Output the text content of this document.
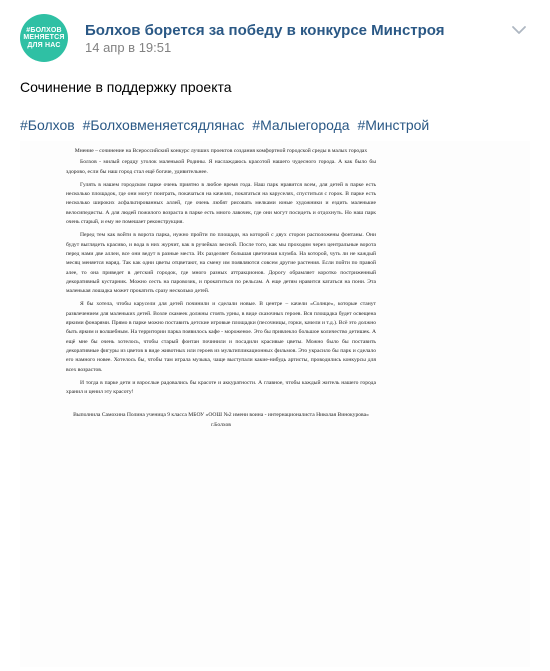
#БОЛХОВ
МЕНЯЕТСЯ
ДЛЯ НАС
Болхов борется за победу в конкурсе Минстроя
14 апр в 19:51
Сочинение в поддержку проекта
#Болхов #Болховменяетсядлянас #Малыегорода #Минстрой

Мнение – сочинение на Всероссийский конкурс лучших проектов создания комфортной городской среды в малых городах

Болхов - милый сердцу уголок маленькой Родины. Я наслаждаюсь красотой нашего чудесного города. А как было бы здорово, если бы наш город стал ещё богаче, удивительнее.

Гулять в нашем городском парке очень приятно в любое время года. Наш парк нравится всем, для детей в парке есть несколько площадок, где они могут поиграть, покачаться на качелях, покататься на каруселях, спуститься с горок. В парке есть несколько широких асфальтированных аллей, где очень любят рисовать мелками юные художники и ездить маленькие велосипедисты. А для людей пожилого возраста в парке есть много лавочек, где они могут посидеть и отдохнуть. Но наш парк очень старый, и ему не помешает реконструкция.

Перед тем как войти в ворота парка, нужно пройти по площади, на которой с двух сторон расположены фонтаны. Они будут выглядеть красиво, и вода в них журчит, как в ручейках весной. После того, как мы проходим через центральные ворота перед нами две аллеи, все они ведут в разные места. Их разделяет большая цветочная клумба. На которой, чуть ли не каждый месяц меняется наряд. Так как одни цветы отцветают, на смену им появляются совсем другие растения. Если пойти по правой алее, то она приведет в детский городок, где много разных аттракционов. Дорогу обрамляет коротко постриженный декоративный кустарник. Можно сесть на паровозик, и прокатиться по рельсам. А еще детям нравится кататься на пони. Эта маленькая лошадка может прокатить сразу несколько детей.

Я бы хотела, чтобы карусели для детей починили и сделали новые. В центре – качели «Солнце», которые станут развлечением для маленьких детей. Возле скамеек должны стоять урны, в виде сказочных героев. Вся площадка будет освещена яркими фонарями. Прямо в парке можно поставить детские игровые площадки (песочницы, горки, качели и т.д.). Всё это должно быть ярким и волшебным. На территории парка появилось кафе - мороженое. Это бы привлекло большое количество детишек. А ещё мне бы очень хотелось, чтобы старый фонтан починили и посадили красивые цветы. Можно было бы поставить декоративные фигуры из цветов в виде животных или героев из мультипликационных фильмов. Это украсило бы парк и сделало его намного новее. Хотелось бы, чтобы там играла музыка, чаще выступали какие-нибудь артисты, проводились конкурсы для всех возрастов.

И тогда в парке дети и взрослые радовались бы красоте и аккуратности. А главное, чтобы каждый житель нашего города хранил и ценил эту красоту!

Выполнила Самохина Полина ученица 9 класса МБОУ «ООШ №2 имени воина - интернационалиста Николая Винокурова» г.Болхов
